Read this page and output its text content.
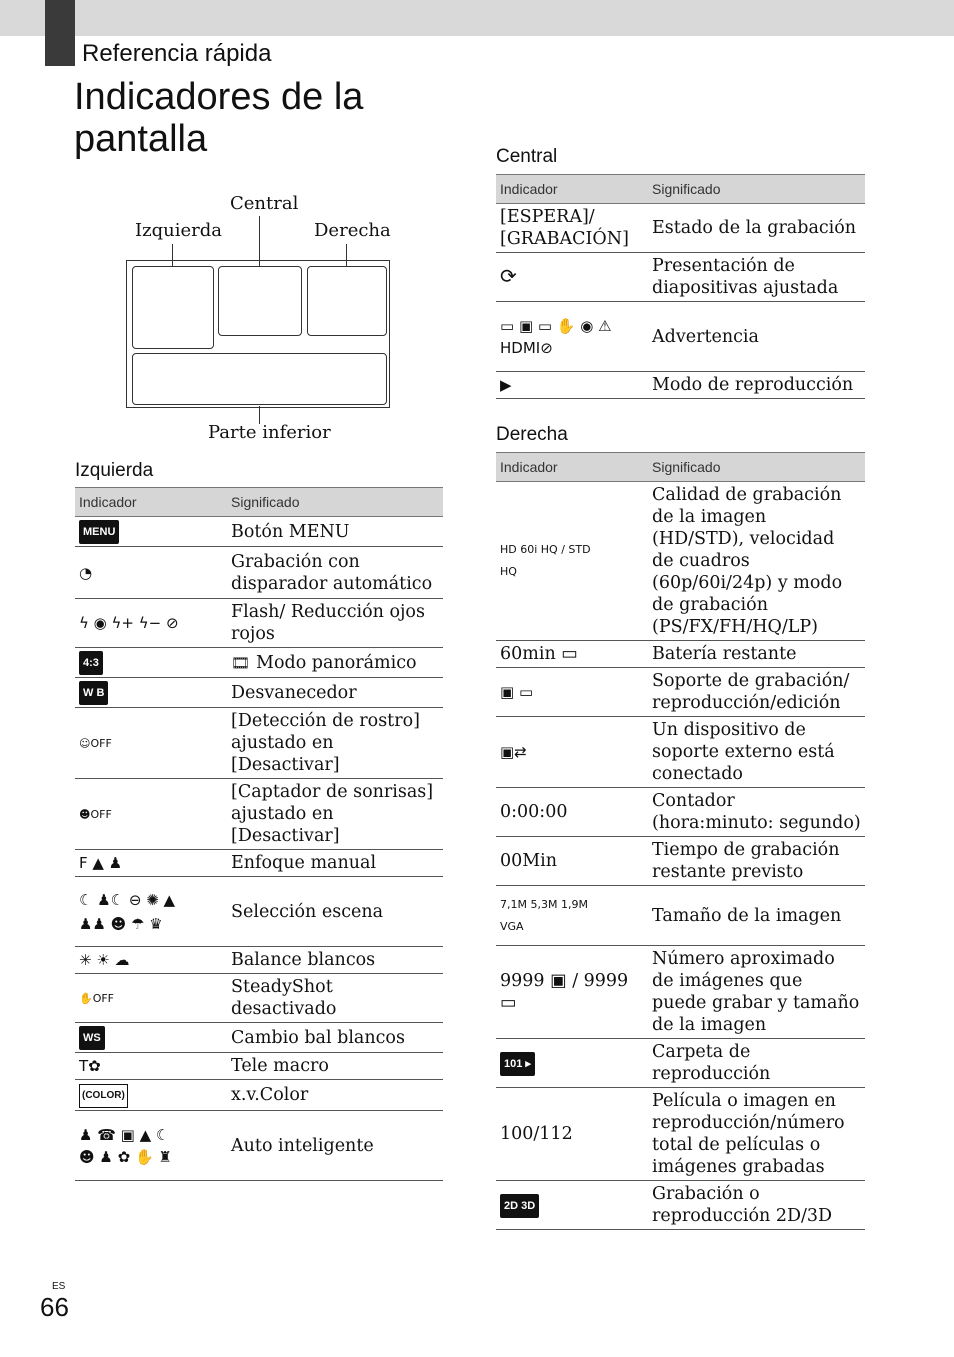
Referencia rápida
Indicadores de la pantalla
Central
Izquierda	Derecha
Parte inferior
Izquierda
Indicador	Significado
MENU	Botón MENU
◔	Grabación con disparador automático
ϟ ◉ ϟ+ ϟ− ⊘	Flash/ Reducción ojos rojos
4:3	🎞 Modo panorámico
W B	Desvanecedor
☺OFF	[Detección de rostro] ajustado en [Desactivar]
☻OFF	[Captador de sonrisas] ajustado en [Desactivar]
F ▲ ♟	Enfoque manual
☾ ♟☾ ⊖ ✺ ▲ ♟♟ ☻ ☂ ♛	Selección escena
✳ ☀ ☁	Balance blancos
✋OFF	SteadyShot desactivado
WS	Cambio bal blancos
T✿	Tele macro
(COLOR)	x.v.Color
♟ ☎ ▣ ▲ ☾ ☻ ♟ ✿ ✋ ♜	Auto inteligente
Central
Indicador	Significado
[ESPERA]/ [GRABACIÓN]	Estado de la grabación
⟳	Presentación de diapositivas ajustada
▭ ▣ ▭ ✋ ◉ ⚠ HDMI⊘	Advertencia
▶	Modo de reproducción
Derecha
Indicador	Significado
HD 60i HQ / STD HQ	Calidad de grabación de la imagen (HD/STD), velocidad de cuadros (60p/60i/24p) y modo de grabación (PS/FX/FH/HQ/LP)
60min ▭	Batería restante
▣ ▭	Soporte de grabación/ reproducción/edición
▣⇄	Un dispositivo de soporte externo está conectado
0:00:00	Contador (hora:minuto: segundo)
00Min	Tiempo de grabación restante previsto
7,1M 5,3M 1,9M VGA	Tamaño de la imagen
9999 ▣ / 9999 ▭	Número aproximado de imágenes que puede grabar y tamaño de la imagen
101 ▸	Carpeta de reproducción
100/112	Película o imagen en reproducción/número total de películas o imágenes grabadas
2D 3D	Grabación o reproducción 2D/3D
ES
66
